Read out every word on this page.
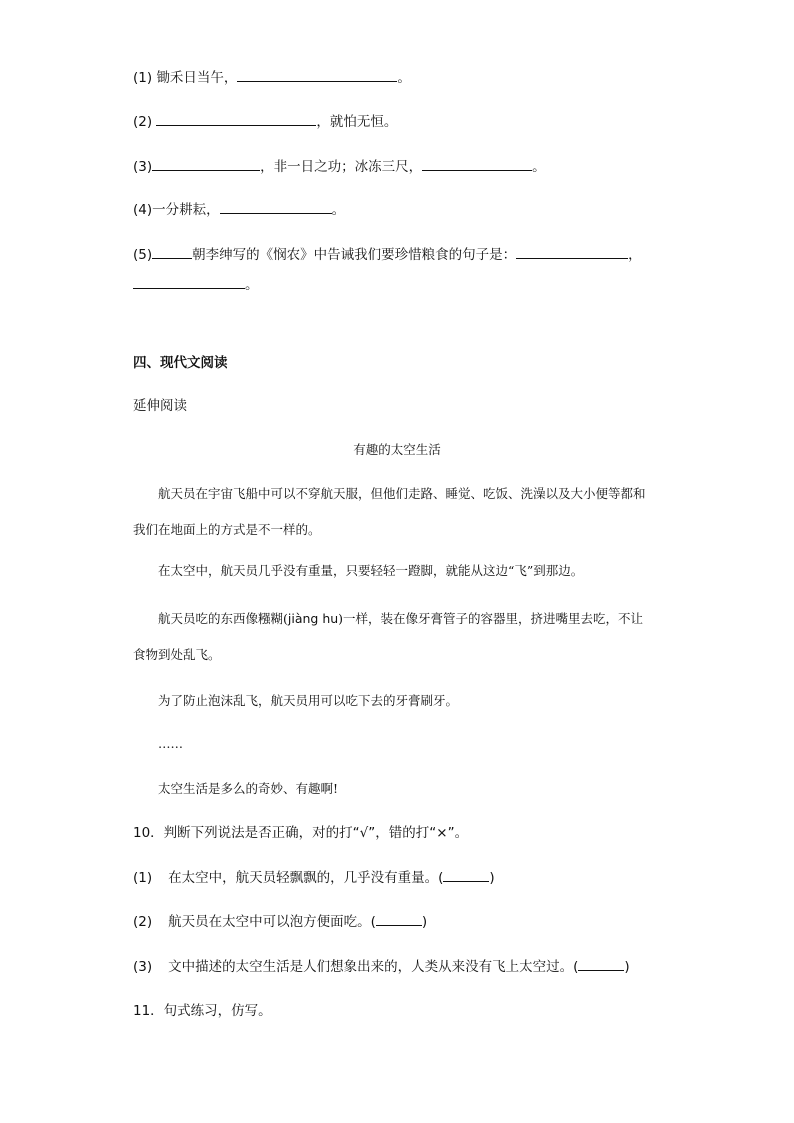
(1) 锄禾日当午，	。
(2)	，就怕无恒。
(3)	，非一日之功；冰冻三尺，	。
(4)一分耕耘，	。
(5)	朝李绅写的《悯农》中告诫我们要珍惜粮食的句子是：	，
。
四、现代文阅读
延伸阅读
有趣的太空生活
航天员在宇宙飞船中可以不穿航天服，但他们走路、睡觉、吃饭、洗澡以及大小便等都和我们在地面上的方式是不一样的。
在太空中，航天员几乎没有重量，只要轻轻一蹬脚，就能从这边“飞”到那边。
航天员吃的东西像糨糊(jiàng hu)一样，装在像牙膏管子的容器里，挤进嘴里去吃，不让食物到处乱飞。
为了防止泡沫乱飞，航天员用可以吃下去的牙膏刷牙。
……
太空生活是多么的奇妙、有趣啊!
10．判断下列说法是否正确，对的打“√”，错的打“×”。
(1) 在太空中，航天员轻飘飘的，几乎没有重量。(	)
(2) 航天员在太空中可以泡方便面吃。(	)
(3) 文中描述的太空生活是人们想象出来的，人类从来没有飞上太空过。(	)
11．句式练习，仿写。
